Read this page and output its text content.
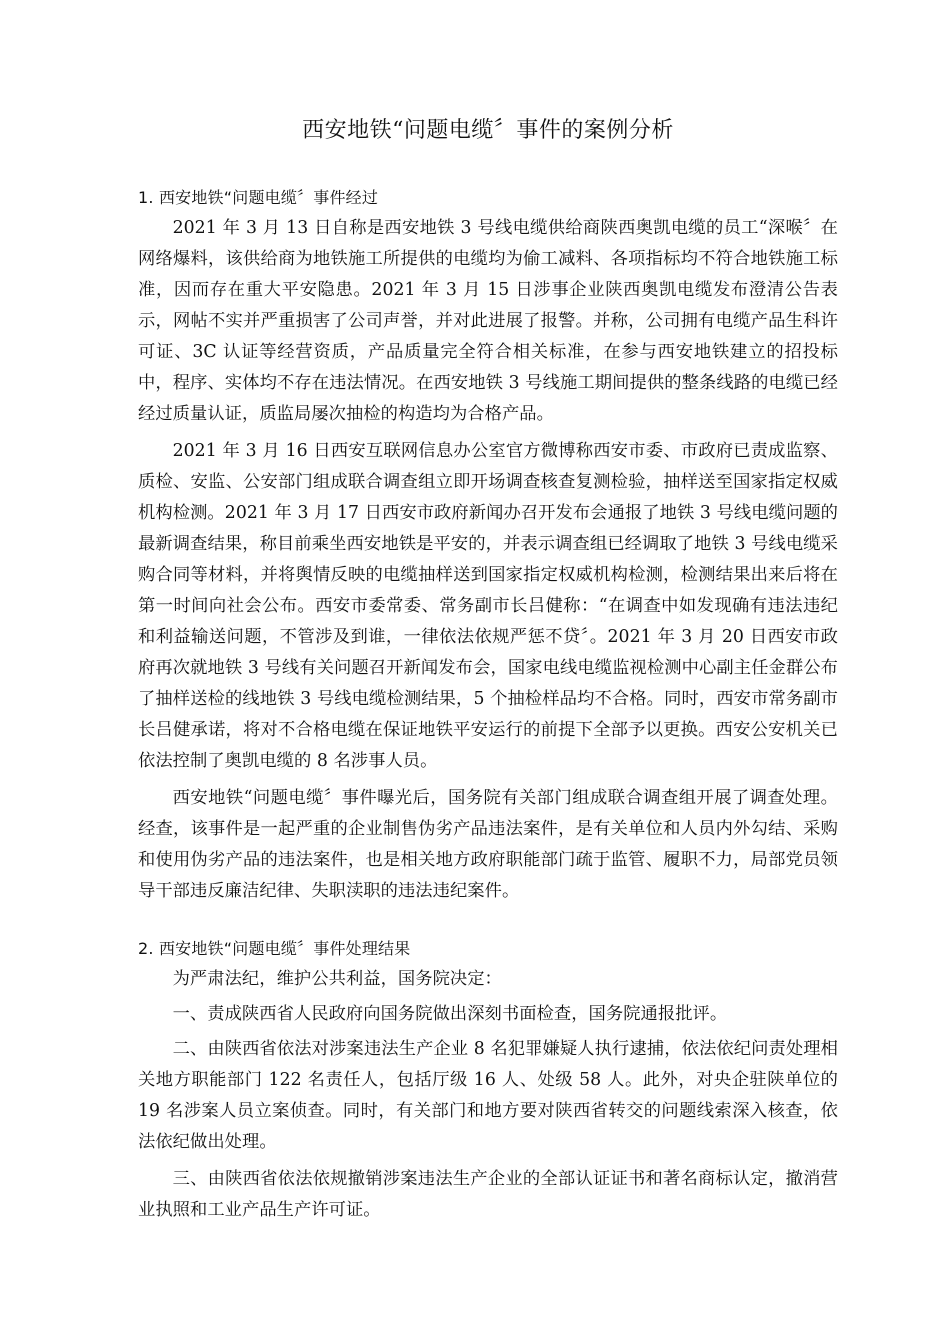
西安地铁“问题电缆〞事件的案例分析
1. 西安地铁“问题电缆〞事件经过

2021 年 3 月 13 日自称是西安地铁 3 号线电缆供给商陕西奥凯电缆的员工“深喉〞在网络爆料，该供给商为地铁施工所提供的电缆均为偷工减料、各项指标均不符合地铁施工标准，因而存在重大平安隐患。2021 年 3 月 15 日涉事企业陕西奥凯电缆发布澄清公告表示，网帖不实并严重损害了公司声誉，并对此进展了报警。并称，公司拥有电缆产品生科许可证、3C 认证等经营资质，产品质量完全符合相关标准，在参与西安地铁建立的招投标中，程序、实体均不存在违法情况。在西安地铁 3 号线施工期间提供的整条线路的电缆已经经过质量认证，质监局屡次抽检的构造均为合格产品。

2021 年 3 月 16 日西安互联网信息办公室官方微博称西安市委、市政府已责成监察、质检、安监、公安部门组成联合调查组立即开场调查核查复测检验，抽样送至国家指定权威机构检测。2021 年 3 月 17 日西安市政府新闻办召开发布会通报了地铁 3 号线电缆问题的最新调查结果，称目前乘坐西安地铁是平安的，并表示调查组已经调取了地铁 3 号线电缆采购合同等材料，并将舆情反映的电缆抽样送到国家指定权威机构检测，检测结果出来后将在第一时间向社会公布。西安市委常委、常务副市长吕健称：“在调查中如发现确有违法违纪和利益输送问题，不管涉及到谁，一律依法依规严惩不贷〞。2021 年 3 月 20 日西安市政府再次就地铁 3 号线有关问题召开新闻发布会，国家电线电缆监视检测中心副主任金群公布了抽样送检的线地铁 3 号线电缆检测结果，5 个抽检样品均不合格。同时，西安市常务副市长吕健承诺，将对不合格电缆在保证地铁平安运行的前提下全部予以更换。西安公安机关已依法控制了奥凯电缆的 8 名涉事人员。

西安地铁“问题电缆〞事件曝光后，国务院有关部门组成联合调查组开展了调查处理。经查，该事件是一起严重的企业制售伪劣产品违法案件，是有关单位和人员内外勾结、采购和使用伪劣产品的违法案件，也是相关地方政府职能部门疏于监管、履职不力，局部党员领导干部违反廉洁纪律、失职渎职的违法违纪案件。

2. 西安地铁“问题电缆〞事件处理结果

为严肃法纪，维护公共利益，国务院决定：

一、责成陕西省人民政府向国务院做出深刻书面检查，国务院通报批评。

二、由陕西省依法对涉案违法生产企业 8 名犯罪嫌疑人执行逮捕，依法依纪问责处理相关地方职能部门 122 名责任人，包括厅级 16 人、处级 58 人。此外，对央企驻陕单位的 19 名涉案人员立案侦查。同时，有关部门和地方要对陕西省转交的问题线索深入核查，依法依纪做出处理。

三、由陕西省依法依规撤销涉案违法生产企业的全部认证证书和著名商标认定，撤消营业执照和工业产品生产许可证。
